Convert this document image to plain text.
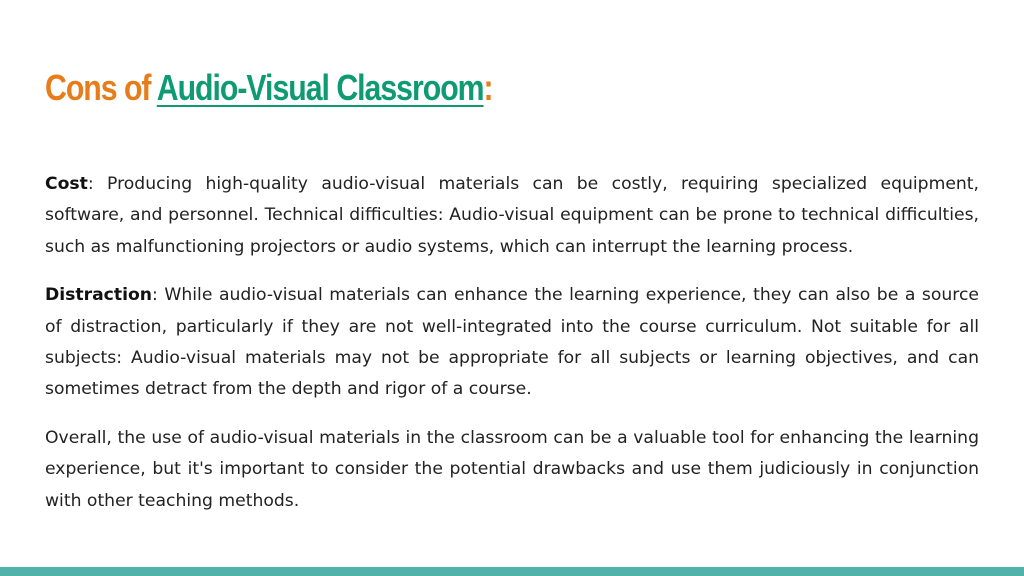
Cons of Audio-Visual Classroom:

Cost: Producing high-quality audio-visual materials can be costly, requiring specialized equipment, software, and personnel. Technical difficulties: Audio-visual equipment can be prone to technical difficulties, such as malfunctioning projectors or audio systems, which can interrupt the learning process.

Distraction: While audio-visual materials can enhance the learning experience, they can also be a source of distraction, particularly if they are not well-integrated into the course curriculum. Not suitable for all subjects: Audio-visual materials may not be appropriate for all subjects or learning objectives, and can sometimes detract from the depth and rigor of a course.

Overall, the use of audio-visual materials in the classroom can be a valuable tool for enhancing the learning experience, but it's important to consider the potential drawbacks and use them judiciously in conjunction with other teaching methods.
